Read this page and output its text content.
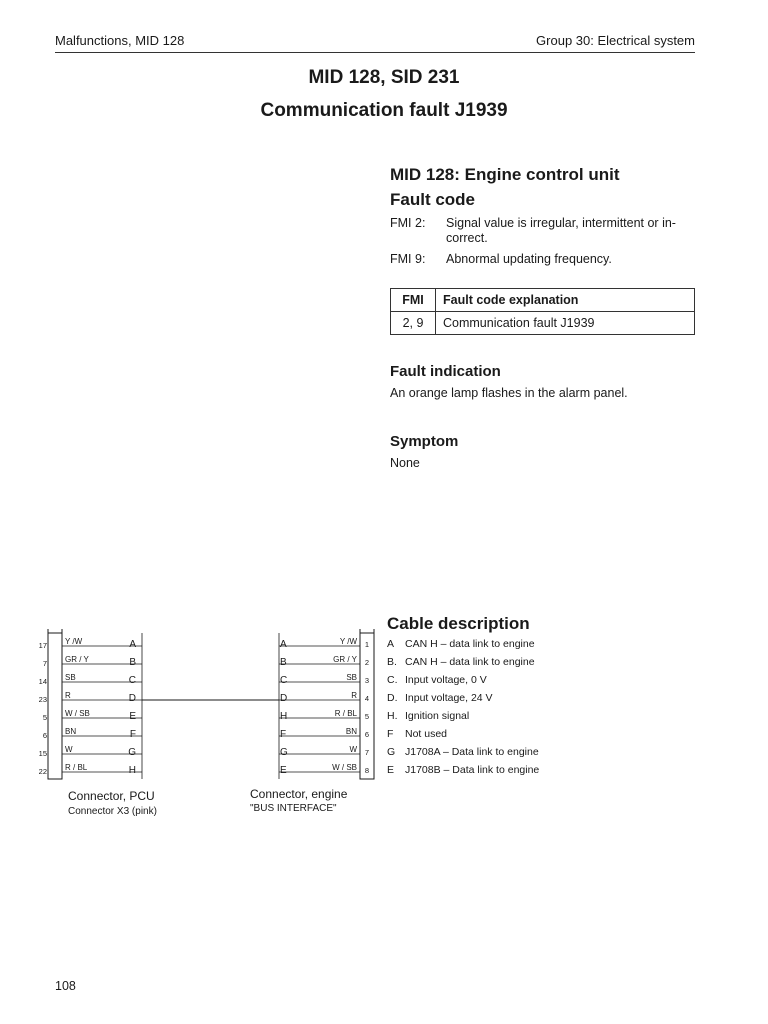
Malfunctions, MID 128	Group 30: Electrical system
MID 128, SID 231
Communication fault J1939
MID 128: Engine control unit
Fault code
FMI 2: Signal value is irregular, intermittent or in-
correct.
FMI 9: Abnormal updating frequency.
FMI	Fault code explanation
2, 9	Communication fault J1939
Fault indication
An orange lamp flashes in the alarm panel.
Symptom
None
Cable description
A CAN H – data link to engine
B. CAN H – data link to engine
C. Input voltage, 0 V
D. Input voltage, 24 V
H. Ignition signal
F Not used
G J1708A – Data link to engine
E J1708B – Data link to engine
17 Y /W	A
7 GR / Y	B
14 SB	C
23 R	D
5 W / SB	E
6 BN	F
15 W	G
22 R / BL	H
A	Y /W 1
B	GR / Y 2
C	SB 3
D	R 4
H	R / BL 5
F	BN 6
G	W 7
E	W / SB 8
Connector, PCU
Connector X3 (pink)
Connector, engine
"BUS INTERFACE"
108
